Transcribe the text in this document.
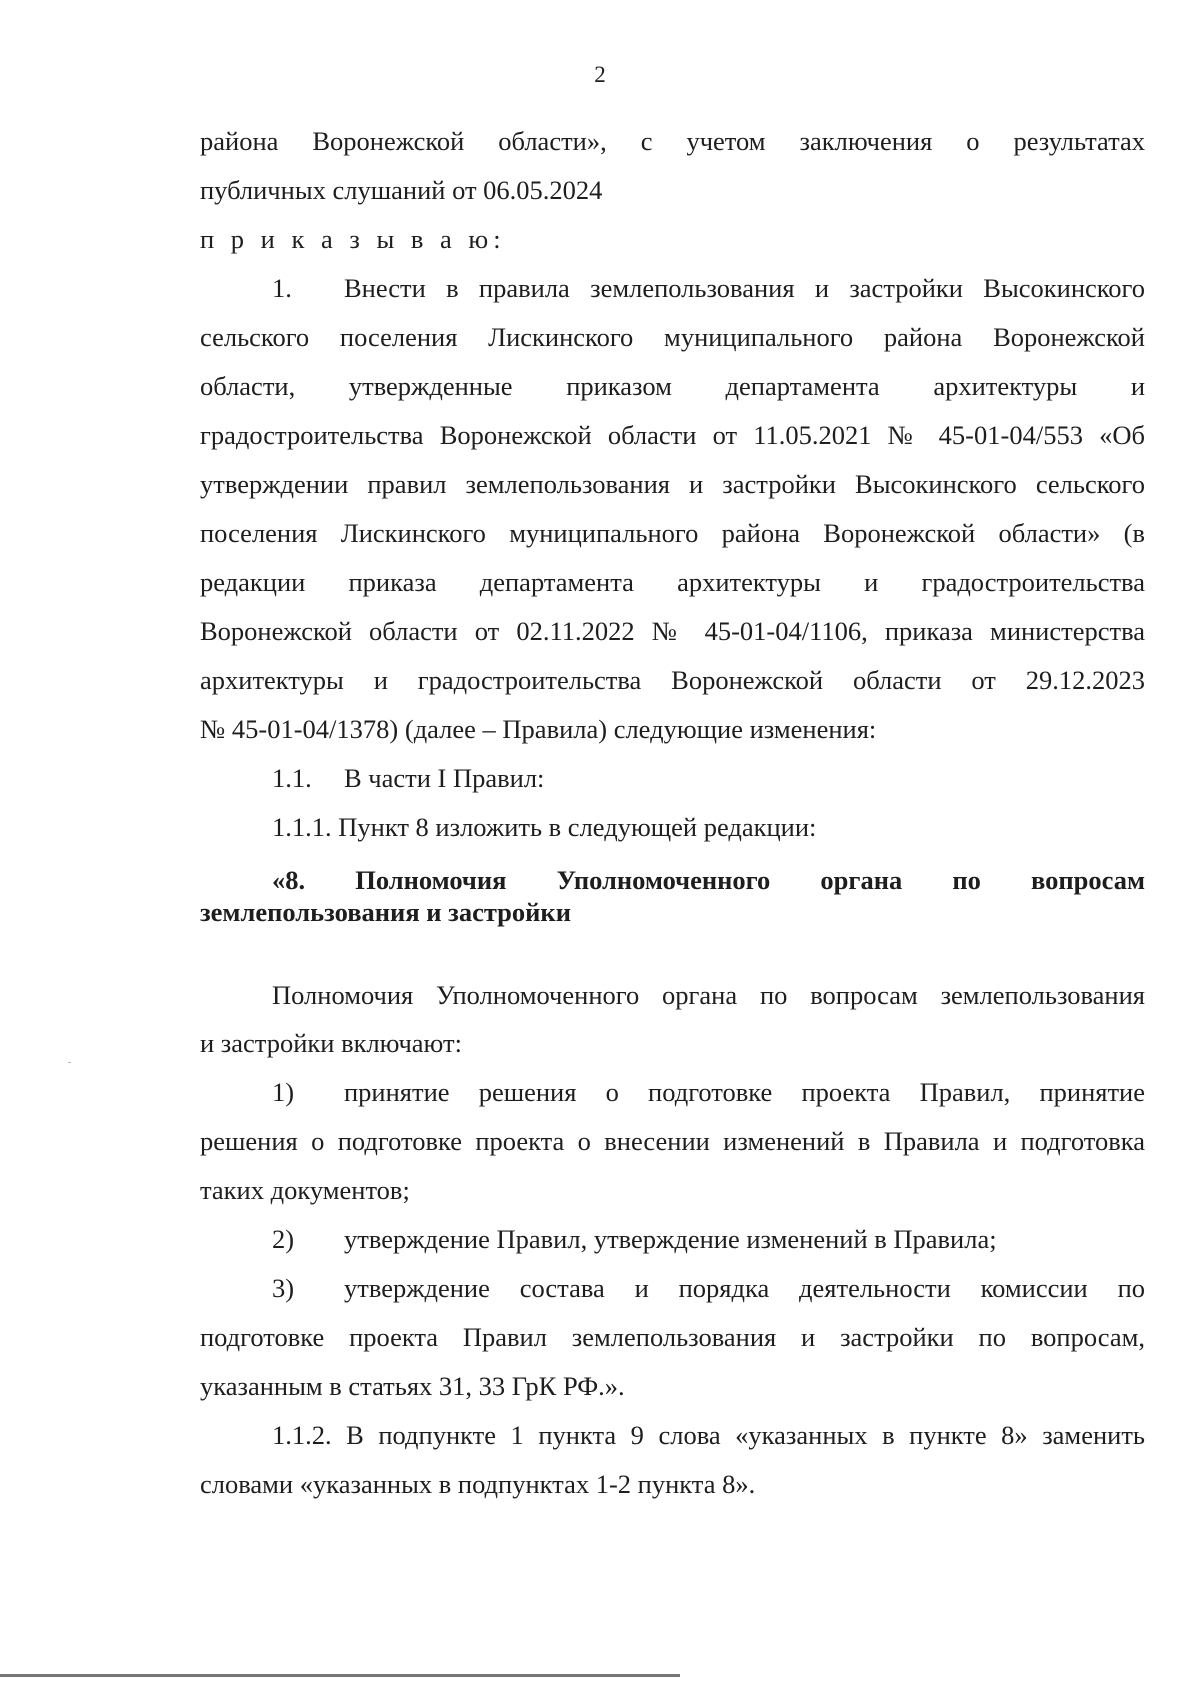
2
района Воронежской области», с учетом заключения о результатах
публичных слушаний от 06.05.2024
п р и к а з ы в а ю:
1. Внести в правила землепользования и застройки Высокинского
сельского поселения Лискинского муниципального района Воронежской
области, утвержденные приказом департамента архитектуры и
градостроительства Воронежской области от 11.05.2021 № 45-01-04/553 «Об
утверждении правил землепользования и застройки Высокинского сельского
поселения Лискинского муниципального района Воронежской области» (в
редакции приказа департамента архитектуры и градостроительства
Воронежской области от 02.11.2022 № 45-01-04/1106, приказа министерства
архитектуры и градостроительства Воронежской области от 29.12.2023
№ 45-01-04/1378) (далее – Правила) следующие изменения:
1.1. В части I Правил:
1.1.1. Пункт 8 изложить в следующей редакции:
«8. Полномочия Уполномоченного органа по вопросам
землепользования и застройки
Полномочия Уполномоченного органа по вопросам землепользования
и застройки включают:
1) принятие решения о подготовке проекта Правил, принятие
решения о подготовке проекта о внесении изменений в Правила и подготовка
таких документов;
2) утверждение Правил, утверждение изменений в Правила;
3) утверждение состава и порядка деятельности комиссии по
подготовке проекта Правил землепользования и застройки по вопросам,
указанным в статьях 31, 33 ГрК РФ.».
1.1.2. В подпункте 1 пункта 9 слова «указанных в пункте 8» заменить
словами «указанных в подпунктах 1-2 пункта 8».
